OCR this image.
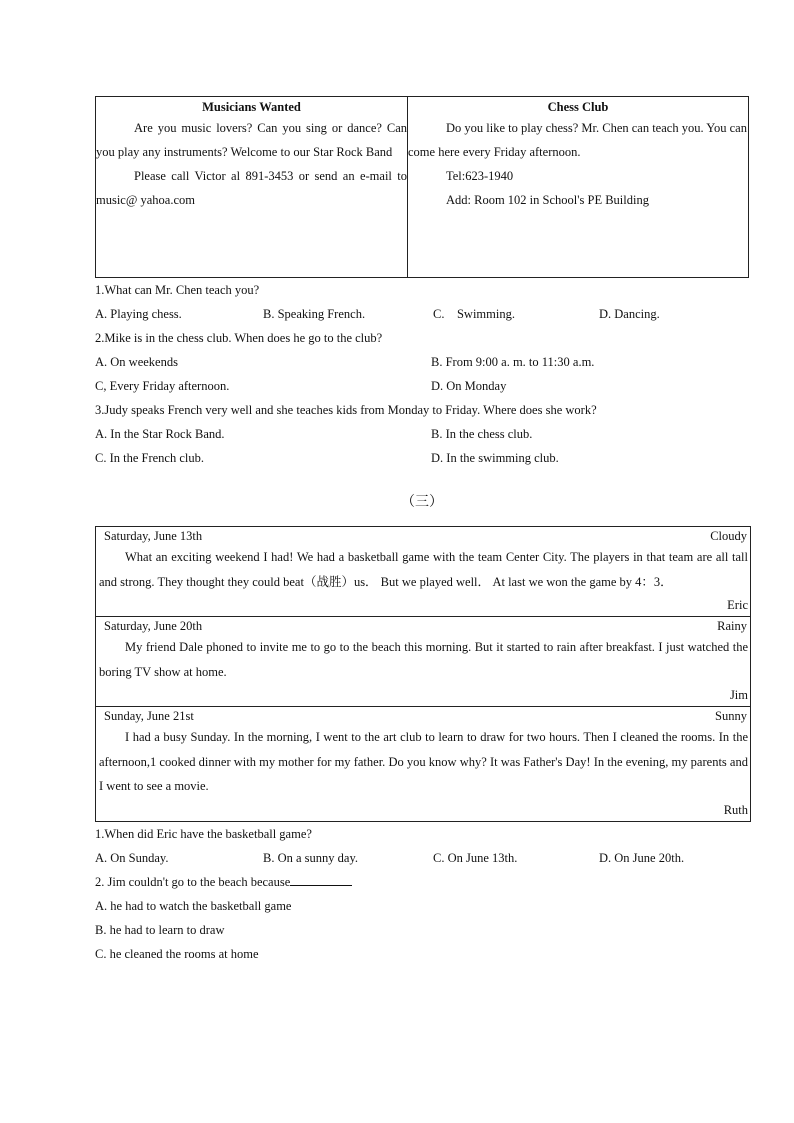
Musicians Wanted

Are you music lovers? Can you sing or dance? Can you play any instruments? Welcome to our Star Rock Band

Please call Victor al 891-3453 or send an e-mail to music@ yahoa.com

Chess Club

Do you like to play chess? Mr. Chen can teach you. You can come here every Friday afternoon.

Tel:623-1940

Add: Room 102 in School's PE Building

1.What can Mr. Chen teach you?

A. Playing chess.	B. Speaking French.	C.    Swimming.	D. Dancing.

2.Mike is in the chess club. When does he go to the club?

A. On weekends	B. From 9:00 a. m. to 11:30 a.m.
C, Every Friday afternoon.	D. On Monday

3.Judy speaks French very well and she teaches kids from Monday to Friday. Where does she work?

A. In the Star Rock Band.	B. In the chess club.
C. In the French club.	D. In the swimming club.
（三）
Saturday, June 13th	Cloudy

What an exciting weekend I had! We had a basketball game with the team Center City. The players in that team are all tall and strong. They thought they could beat（战胜）us． But we played well． At last we won the game by 4：3．

Eric
Saturday, June 20th	Rainy

My friend Dale phoned to invite me to go to the beach this morning. But it started to rain after breakfast. I just watched the boring TV show at home.

Jim
Sunday, June 21st	Sunny

I had a busy Sunday. In the morning, I went to the art club to learn to draw for two hours. Then I cleaned the rooms. In the afternoon,1 cooked dinner with my mother for my father. Do you know why? It was Father's Day! In the evening, my parents and I went to see a movie.

Ruth

1.When did Eric have the basketball game?

A. On Sunday.	B. On a sunny day.	C. On June 13th.	D. On June 20th.

2. Jim couldn't go to the beach because

A. he had to watch the basketball game

B. he had to learn to draw

C. he cleaned the rooms at home
